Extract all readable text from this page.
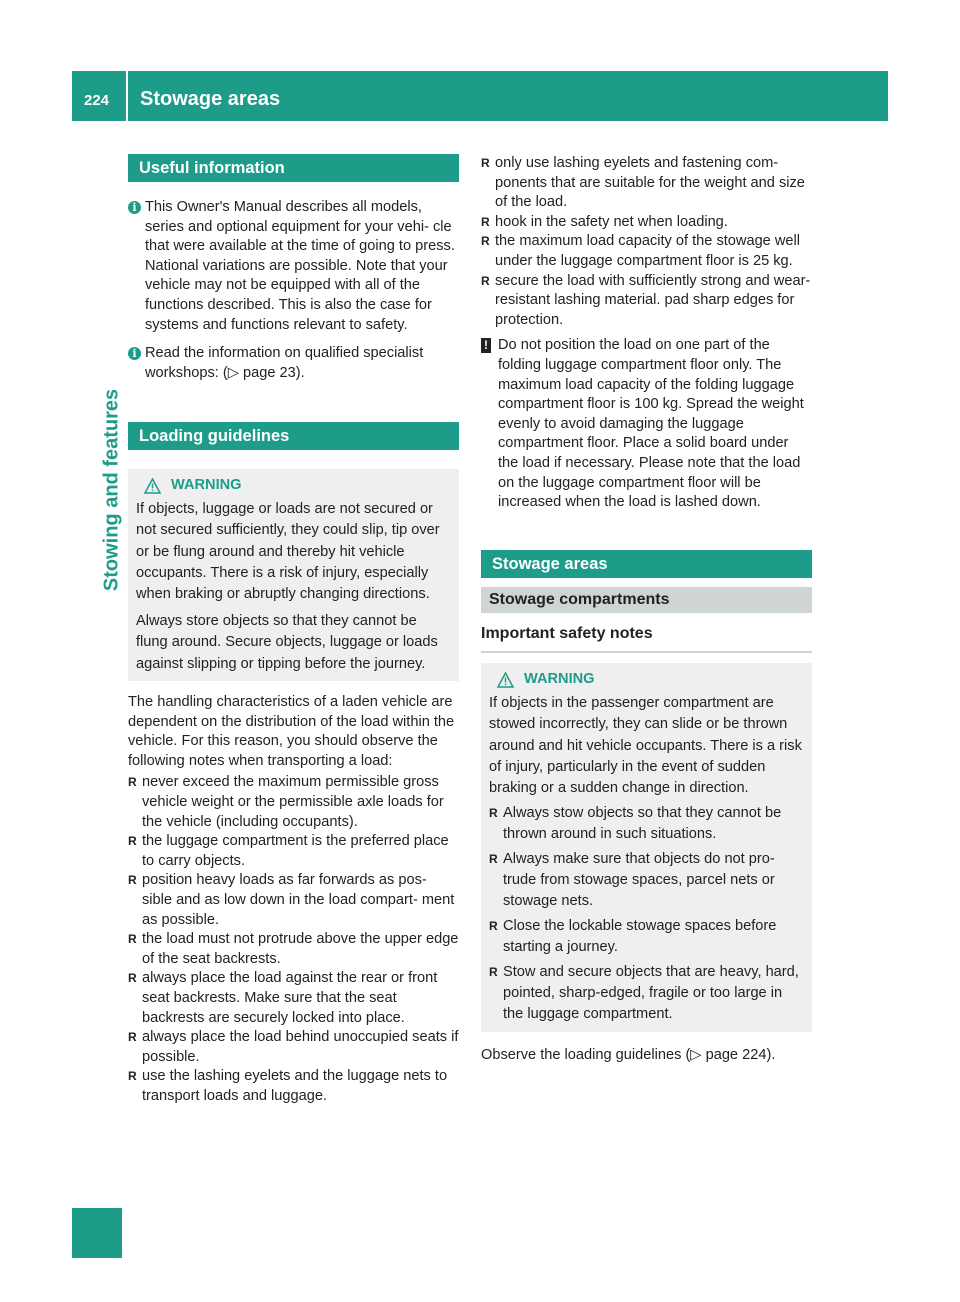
224 Stowage areas
Stowing and features
Useful information
i This Owner's Manual describes all models, series and optional equipment for your vehi- cle that were available at the time of going to press. National variations are possible. Note that your vehicle may not be equipped with all of the functions described. This is also the case for systems and functions relevant to safety.
i Read the information on qualified specialist workshops: (▷ page 23).
Loading guidelines
WARNING
If objects, luggage or loads are not secured or not secured sufficiently, they could slip, tip over or be flung around and thereby hit vehicle occupants. There is a risk of injury, especially when braking or abruptly changing directions.
Always store objects so that they cannot be flung around. Secure objects, luggage or loads against slipping or tipping before the journey.
The handling characteristics of a laden vehicle are dependent on the distribution of the load within the vehicle. For this reason, you should observe the following notes when transporting a load:
R never exceed the maximum permissible gross vehicle weight or the permissible axle loads for the vehicle (including occupants).
R the luggage compartment is the preferred place to carry objects.
R position heavy loads as far forwards as pos- sible and as low down in the load compart- ment as possible.
R the load must not protrude above the upper edge of the seat backrests.
R always place the load against the rear or front seat backrests. Make sure that the seat backrests are securely locked into place.
R always place the load behind unoccupied seats if possible.
R use the lashing eyelets and the luggage nets to transport loads and luggage.
R only use lashing eyelets and fastening com- ponents that are suitable for the weight and size of the load.
R hook in the safety net when loading.
R the maximum load capacity of the stowage well under the luggage compartment floor is 25 kg.
R secure the load with sufficiently strong and wear-resistant lashing material. pad sharp edges for protection.
! Do not position the load on one part of the folding luggage compartment floor only. The maximum load capacity of the folding luggage compartment floor is 100 kg. Spread the weight evenly to avoid damaging the luggage compartment floor. Place a solid board under the load if necessary. Please note that the load on the luggage compartment floor will be increased when the load is lashed down.
Stowage areas
Stowage compartments
Important safety notes
WARNING
If objects in the passenger compartment are stowed incorrectly, they can slide or be thrown around and hit vehicle occupants. There is a risk of injury, particularly in the event of sudden braking or a sudden change in direction.
R Always stow objects so that they cannot be thrown around in such situations.
R Always make sure that objects do not pro- trude from stowage spaces, parcel nets or stowage nets.
R Close the lockable stowage spaces before starting a journey.
R Stow and secure objects that are heavy, hard, pointed, sharp-edged, fragile or too large in the luggage compartment.
Observe the loading guidelines (▷ page 224).
